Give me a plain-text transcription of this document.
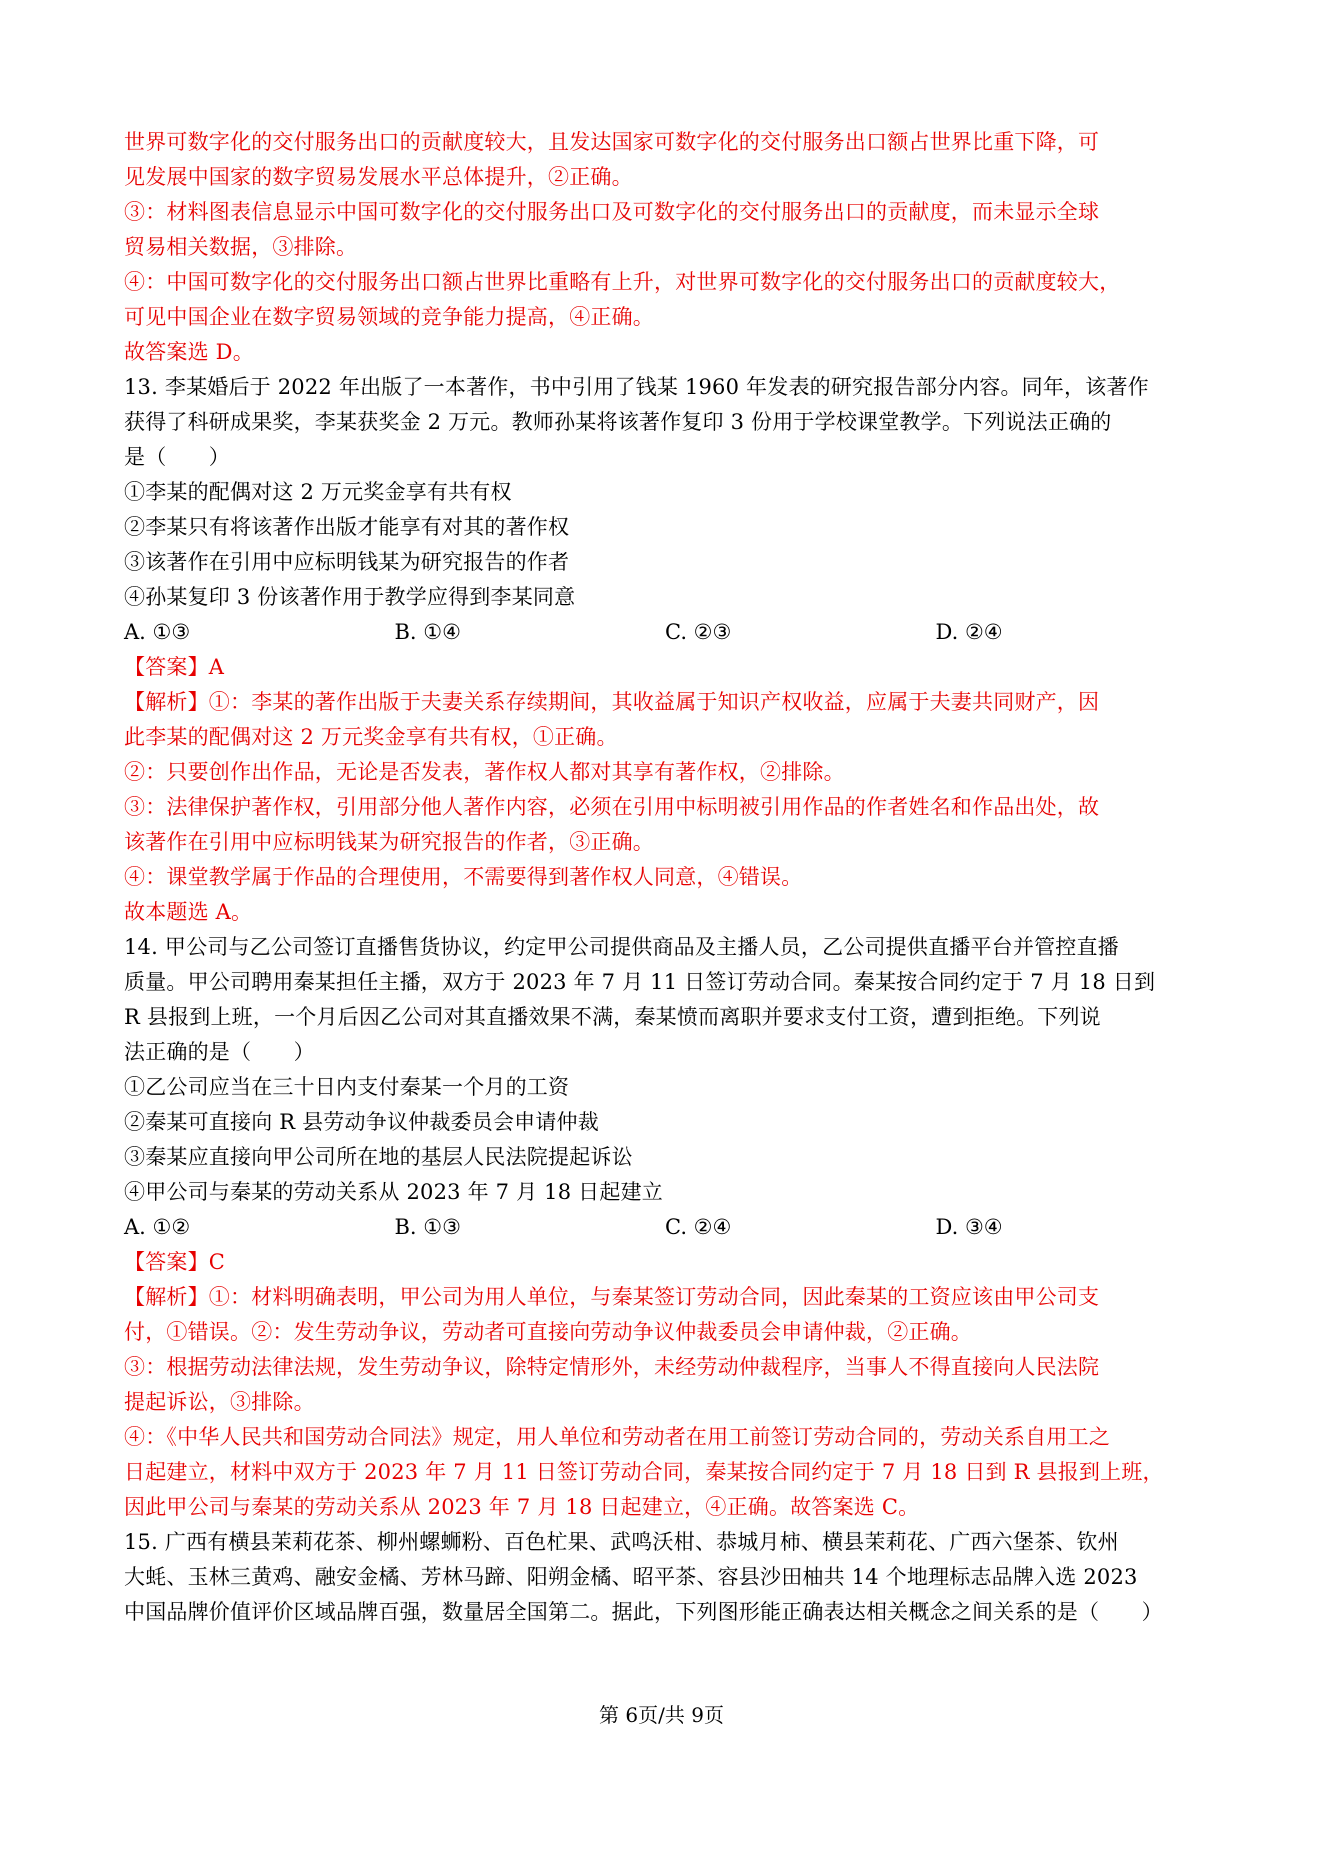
世界可数字化的交付服务出口的贡献度较大，且发达国家可数字化的交付服务出口额占世界比重下降，可
见发展中国家的数字贸易发展水平总体提升，②正确。
③：材料图表信息显示中国可数字化的交付服务出口及可数字化的交付服务出口的贡献度，而未显示全球
贸易相关数据，③排除。
④：中国可数字化的交付服务出口额占世界比重略有上升，对世界可数字化的交付服务出口的贡献度较大，
可见中国企业在数字贸易领域的竞争能力提高，④正确。
故答案选 D。
13. 李某婚后于 2022 年出版了一本著作，书中引用了钱某 1960 年发表的研究报告部分内容。同年，该著作
获得了科研成果奖，李某获奖金 2 万元。教师孙某将该著作复印 3 份用于学校课堂教学。下列说法正确的
是（　　）
①李某的配偶对这 2 万元奖金享有共有权
②李某只有将该著作出版才能享有对其的著作权
③该著作在引用中应标明钱某为研究报告的作者
④孙某复印 3 份该著作用于教学应得到李某同意
A. ①③	B. ①④	C. ②③	D. ②④
【答案】A
【解析】①：李某的著作出版于夫妻关系存续期间，其收益属于知识产权收益，应属于夫妻共同财产，因
此李某的配偶对这 2 万元奖金享有共有权，①正确。
②：只要创作出作品，无论是否发表，著作权人都对其享有著作权，②排除。
③：法律保护著作权，引用部分他人著作内容，必须在引用中标明被引用作品的作者姓名和作品出处，故
该著作在引用中应标明钱某为研究报告的作者，③正确。
④：课堂教学属于作品的合理使用，不需要得到著作权人同意，④错误。
故本题选 A。
14. 甲公司与乙公司签订直播售货协议，约定甲公司提供商品及主播人员，乙公司提供直播平台并管控直播
质量。甲公司聘用秦某担任主播，双方于 2023 年 7 月 11 日签订劳动合同。秦某按合同约定于 7 月 18 日到
R 县报到上班，一个月后因乙公司对其直播效果不满，秦某愤而离职并要求支付工资，遭到拒绝。下列说
法正确的是（　　）
①乙公司应当在三十日内支付秦某一个月的工资
②秦某可直接向 R 县劳动争议仲裁委员会申请仲裁
③秦某应直接向甲公司所在地的基层人民法院提起诉讼
④甲公司与秦某的劳动关系从 2023 年 7 月 18 日起建立
A. ①②	B. ①③	C. ②④	D. ③④
【答案】C
【解析】①：材料明确表明，甲公司为用人单位，与秦某签订劳动合同，因此秦某的工资应该由甲公司支
付，①错误。②：发生劳动争议，劳动者可直接向劳动争议仲裁委员会申请仲裁，②正确。
③：根据劳动法律法规，发生劳动争议，除特定情形外，未经劳动仲裁程序，当事人不得直接向人民法院
提起诉讼，③排除。
④：《中华人民共和国劳动合同法》规定，用人单位和劳动者在用工前签订劳动合同的，劳动关系自用工之
日起建立，材料中双方于 2023 年 7 月 11 日签订劳动合同，秦某按合同约定于 7 月 18 日到 R 县报到上班，
因此甲公司与秦某的劳动关系从 2023 年 7 月 18 日起建立，④正确。故答案选 C。
15. 广西有横县茉莉花茶、柳州螺蛳粉、百色杧果、武鸣沃柑、恭城月柿、横县茉莉花、广西六堡茶、钦州
大蚝、玉林三黄鸡、融安金橘、芳林马蹄、阳朔金橘、昭平茶、容县沙田柚共 14 个地理标志品牌入选 2023
中国品牌价值评价区域品牌百强，数量居全国第二。据此，下列图形能正确表达相关概念之间关系的是（　　）
第 6页/共 9页
